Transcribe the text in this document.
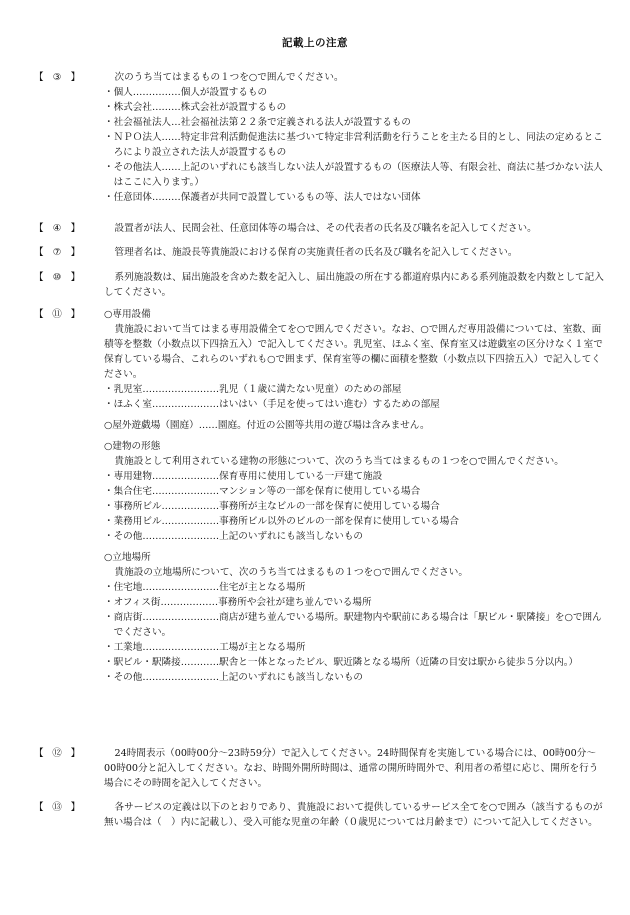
記載上の注意
【 ③ 】	次のうち当てはまるもの１つを○で囲んでください。

・個人……………個人が設置するもの

・株式会社………株式会社が設置するもの

・社会福祉法人…社会福祉法第２２条で定義される法人が設置するもの

・ＮＰＯ法人……特定非営利活動促進法に基づいて特定非営利活動を行うことを主たる目的とし、同法の定めるところにより設立された法人が設置するもの

・その他法人……上記のいずれにも該当しない法人が設置するもの（医療法人等、有限会社、商法に基づかない法人はここに入ります。）

・任意団体………保護者が共同で設置しているもの等、法人ではない団体

【 ④ 】	設置者が法人、民間会社、任意団体等の場合は、その代表者の氏名及び職名を記入してください。

【 ⑦ 】	管理者名は、施設長等貴施設における保育の実施責任者の氏名及び職名を記入してください。

【 ⑩ 】	系列施設数は、届出施設を含めた数を記入し、届出施設の所在する都道府県内にある系列施設数を内数として記入してください。

【 ⑪ 】	○専用設備

貴施設において当てはまる専用設備全てを○で囲んでください。なお、○で囲んだ専用設備については、室数、面積等を整数（小数点以下四捨五入）で記入してください。乳児室、ほふく室、保育室又は遊戯室の区分けなく１室で保育している場合、これらのいずれも○で囲まず、保育室等の欄に面積を整数（小数点以下四捨五入）で記入してください。

・乳児室……………………乳児（１歳に満たない児童）のための部屋

・ほふく室…………………はいはい（手足を使ってはい進む）するための部屋

○屋外遊戯場（園庭）……園庭。付近の公園等共用の遊び場は含みません。

○建物の形態

貴施設として利用されている建物の形態について、次のうち当てはまるもの１つを○で囲んでください。

・専用建物…………………保育専用に使用している一戸建て施設

・集合住宅…………………マンション等の一部を保育に使用している場合

・事務所ビル………………事務所が主なビルの一部を保育に使用している場合

・業務用ビル………………事務所ビル以外のビルの一部を保育に使用している場合

・その他……………………上記のいずれにも該当しないもの

○立地場所

貴施設の立地場所について、次のうち当てはまるもの１つを○で囲んでください。

・住宅地……………………住宅が主となる場所

・オフィス街………………事務所や会社が建ち並んでいる場所

・商店街……………………商店が建ち並んでいる場所。駅建物内や駅前にある場合は「駅ビル・駅隣接」を○で囲んでください。

・工業地……………………工場が主となる場所

・駅ビル・駅隣接…………駅舎と一体となったビル、駅近隣となる場所（近隣の目安は駅から徒歩５分以内。）

・その他……………………上記のいずれにも該当しないもの

【 ⑫ 】	24時間表示（00時00分～23時59分）で記入してください。24時間保育を実施している場合には、00時00分～00時00分と記入してください。なお、時間外開所時間は、通常の開所時間外で、利用者の希望に応じ、開所を行う場合にその時間を記入してください。

【 ⑬ 】	各サービスの定義は以下のとおりであり、貴施設において提供しているサービス全てを○で囲み（該当するものが無い場合は（　）内に記載し）、受入可能な児童の年齢（０歳児については月齢まで）について記入してください。
